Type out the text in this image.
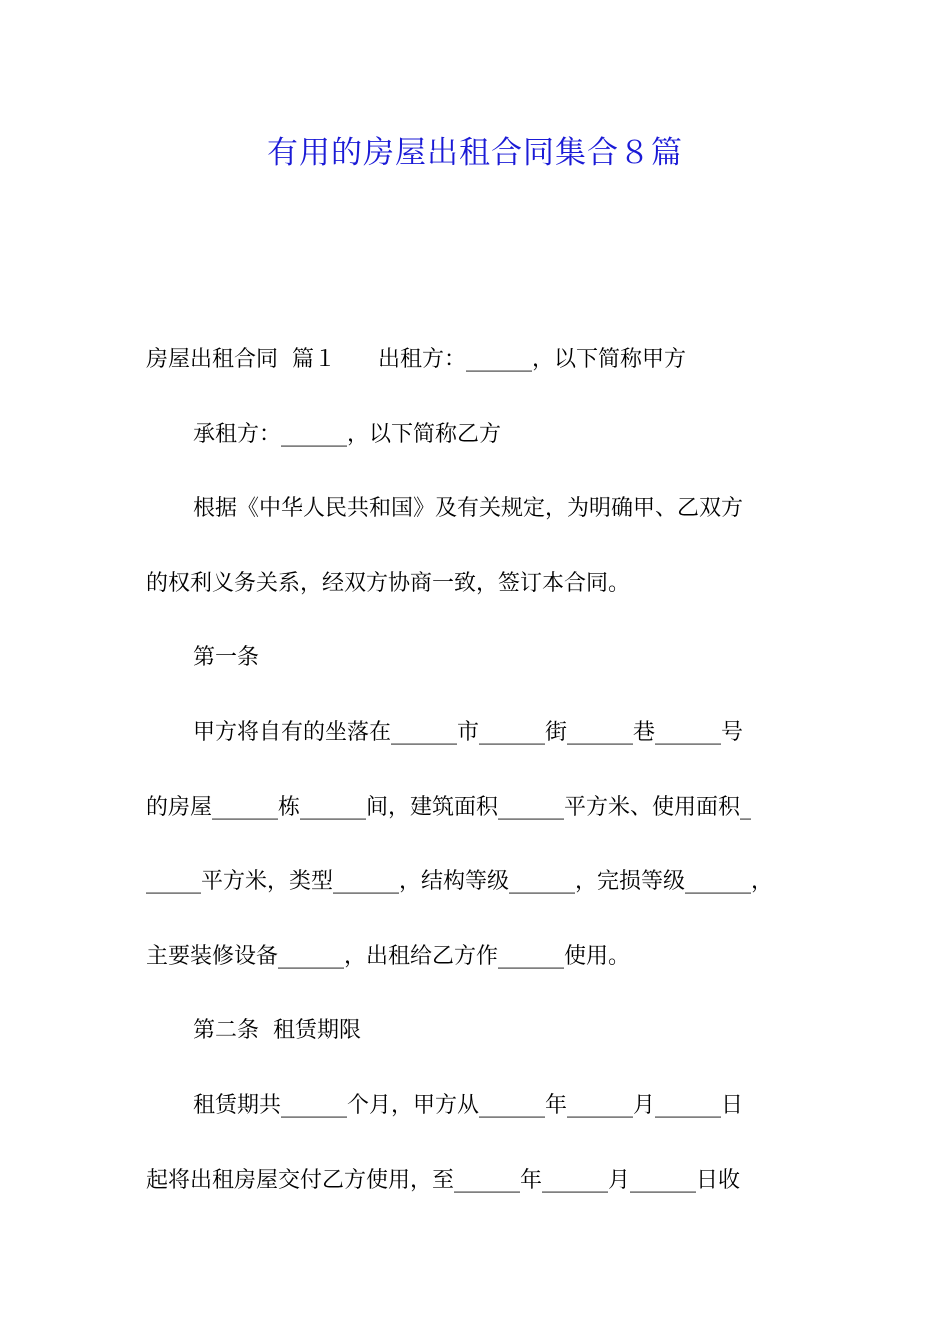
有用的房屋出租合同集合８篇
房屋出租合同  篇１      出租方：______，以下简称甲方
承租方：______，以下简称乙方
根据《中华人民共和国》及有关规定，为明确甲、乙双方
的权利义务关系，经双方协商一致，签订本合同。
第一条
甲方将自有的坐落在______市______街______巷______号
的房屋______栋______间，建筑面积______平方米、使用面积_
_____平方米，类型______，结构等级______，完损等级______，
主要装修设备______，出租给乙方作______使用。
第二条  租赁期限
租赁期共______个月，甲方从______年______月______日
起将出租房屋交付乙方使用，至______年______月______日收
